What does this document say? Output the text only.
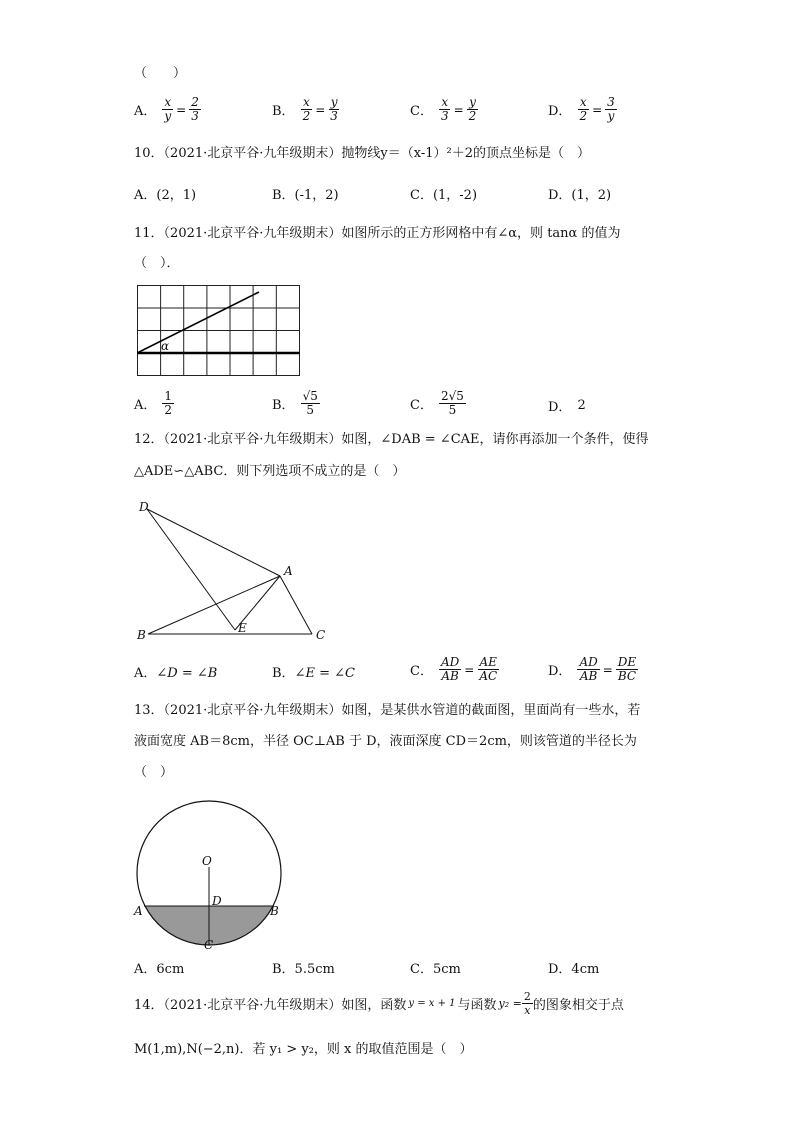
（　　）
A． $\frac{x}{y} = \frac{2}{3}$	B． $\frac{x}{2} = \frac{y}{3}$	C． $\frac{x}{3} = \frac{y}{2}$	D． $\frac{x}{2} = \frac{3}{y}$
10．（2021·北京平谷·九年级期末）抛物线y＝（x-1）²＋2的顶点坐标是（　）
A．(2，1)	B．(-1，2)	C．(1，-2)	D．(1，2)
11．（2021·北京平谷·九年级期末）如图所示的正方形网格中有∠α，则 tanα 的值为
（　）．
α
A． $\frac{1}{2}$	B． $\frac{√5}{5}$	C． $\frac{2√5}{5}$	D． 2
12．（2021·北京平谷·九年级期末）如图，∠DAB = ∠CAE，请你再添加一个条件，使得
△ADE∽△ABC．则下列选项不成立的是（　）
D
A
B	C
E
A．∠D = ∠B	B．∠E = ∠C	C． $\frac{AD}{AB} = \frac{AE}{AC}$	D． $\frac{AD}{AB} = \frac{DE}{BC}$
13．（2021·北京平谷·九年级期末）如图，是某供水管道的截面图，里面尚有一些水，若
液面宽度 AB＝8cm，半径 OC⊥AB 于 D，液面深度 CD＝2cm，则该管道的半径长为
（　）
O
D
A	B
C
A．6cm	B．5.5cm	C．5cm	D．4cm
14．（2021·北京平谷·九年级期末）如图，函数 y = x + 1 与函数 $y_2 = \frac{2}{x}$ 的图象相交于点
M(1,m),N(−2,n)．若 y₁ > y₂，则 x 的取值范围是（　）
